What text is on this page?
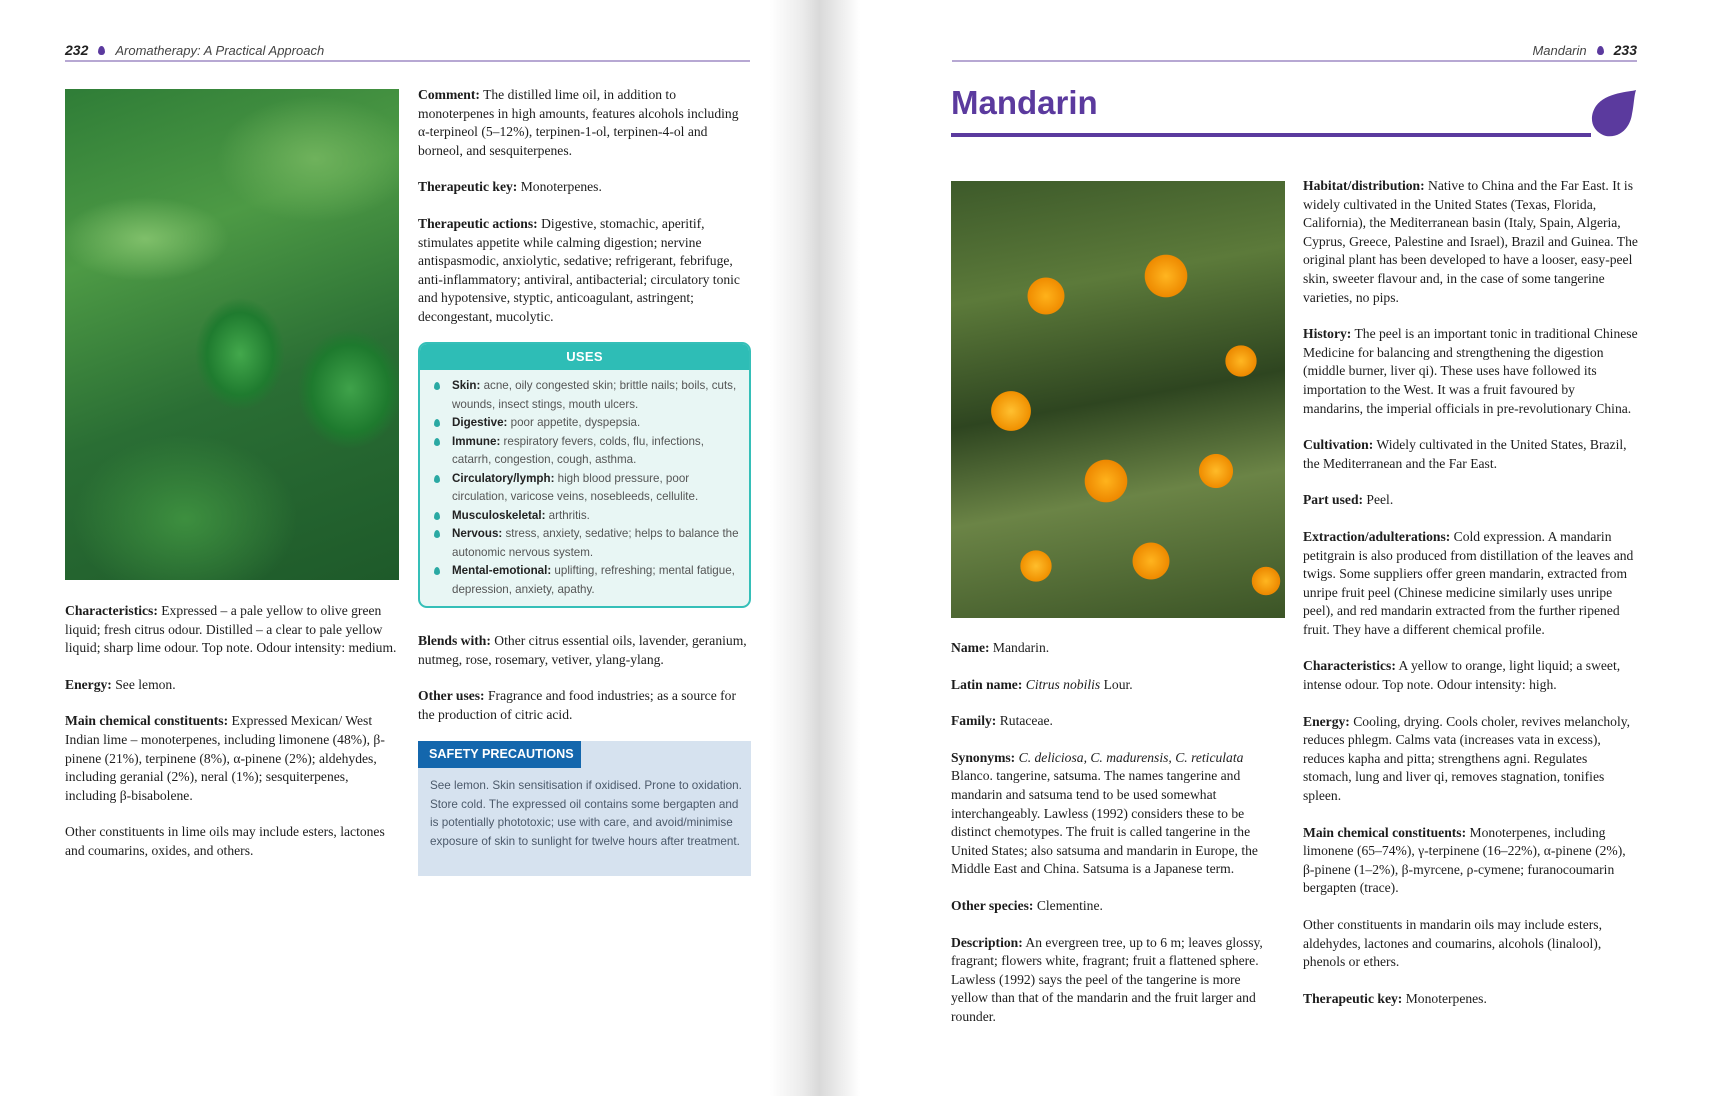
232 Aromatherapy: A Practical Approach	Mandarin 233

Characteristics: Expressed – a pale yellow to olive green liquid; fresh citrus odour. Distilled – a clear to pale yellow liquid; sharp lime odour. Top note. Odour intensity: medium.

Energy: See lemon.

Main chemical constituents: Expressed Mexican/ West Indian lime – monoterpenes, including limonene (48%), β-pinene (21%), terpinene (8%), α-pinene (2%); aldehydes, including geranial (2%), neral (1%); sesquiterpenes, including β-bisabolene.

Other constituents in lime oils may include esters, lactones and coumarins, oxides, and others.

Comment: The distilled lime oil, in addition to monoterpenes in high amounts, features alcohols including α-terpineol (5–12%), terpinen-1-ol, terpinen-4-ol and borneol, and sesquiterpenes.

Therapeutic key: Monoterpenes.

Therapeutic actions: Digestive, stomachic, aperitif, stimulates appetite while calming digestion; nervine antispasmodic, anxiolytic, sedative; refrigerant, febrifuge, anti-inflammatory; antiviral, antibacterial; circulatory tonic and hypotensive, styptic, anticoagulant, astringent; decongestant, mucolytic.

USES
Skin: acne, oily congested skin; brittle nails; boils, cuts, wounds, insect stings, mouth ulcers.
Digestive: poor appetite, dyspepsia.
Immune: respiratory fevers, colds, flu, infections, catarrh, congestion, cough, asthma.
Circulatory/lymph: high blood pressure, poor circulation, varicose veins, nosebleeds, cellulite.
Musculoskeletal: arthritis.
Nervous: stress, anxiety, sedative; helps to balance the autonomic nervous system.
Mental-emotional: uplifting, refreshing; mental fatigue, depression, anxiety, apathy.

Blends with: Other citrus essential oils, lavender, geranium, nutmeg, rose, rosemary, vetiver, ylang-ylang.

Other uses: Fragrance and food industries; as a source for the production of citric acid.

SAFETY PRECAUTIONS
See lemon. Skin sensitisation if oxidised. Prone to oxidation. Store cold. The expressed oil contains some bergapten and is potentially phototoxic; use with care, and avoid/minimise exposure of skin to sunlight for twelve hours after treatment.
Mandarin

Name: Mandarin.

Latin name: Citrus nobilis Lour.

Family: Rutaceae.

Synonyms: C. deliciosa, C. madurensis, C. reticulata Blanco. tangerine, satsuma. The names tangerine and mandarin and satsuma tend to be used somewhat interchangeably. Lawless (1992) considers these to be distinct chemotypes. The fruit is called tangerine in the United States; also satsuma and mandarin in Europe, the Middle East and China. Satsuma is a Japanese term.

Other species: Clementine.

Description: An evergreen tree, up to 6 m; leaves glossy, fragrant; flowers white, fragrant; fruit a flattened sphere. Lawless (1992) says the peel of the tangerine is more yellow than that of the mandarin and the fruit larger and rounder.

Habitat/distribution: Native to China and the Far East. It is widely cultivated in the United States (Texas, Florida, California), the Mediterranean basin (Italy, Spain, Algeria, Cyprus, Greece, Palestine and Israel), Brazil and Guinea. The original plant has been developed to have a looser, easy-peel skin, sweeter flavour and, in the case of some tangerine varieties, no pips.

History: The peel is an important tonic in traditional Chinese Medicine for balancing and strengthening the digestion (middle burner, liver qi). These uses have followed its importation to the West. It was a fruit favoured by mandarins, the imperial officials in pre-revolutionary China.

Cultivation: Widely cultivated in the United States, Brazil, the Mediterranean and the Far East.

Part used: Peel.

Extraction/adulterations: Cold expression. A mandarin petitgrain is also produced from distillation of the leaves and twigs. Some suppliers offer green mandarin, extracted from unripe fruit peel (Chinese medicine similarly uses unripe peel), and red mandarin extracted from the further ripened fruit. They have a different chemical profile.

Characteristics: A yellow to orange, light liquid; a sweet, intense odour. Top note. Odour intensity: high.

Energy: Cooling, drying. Cools choler, revives melancholy, reduces phlegm. Calms vata (increases vata in excess), reduces kapha and pitta; strengthens agni. Regulates stomach, lung and liver qi, removes stagnation, tonifies spleen.

Main chemical constituents: Monoterpenes, including limonene (65–74%), γ-terpinene (16–22%), α-pinene (2%), β-pinene (1–2%), β-myrcene, ρ-cymene; furanocoumarin bergapten (trace).

Other constituents in mandarin oils may include esters, aldehydes, lactones and coumarins, alcohols (linalool), phenols or ethers.

Therapeutic key: Monoterpenes.
